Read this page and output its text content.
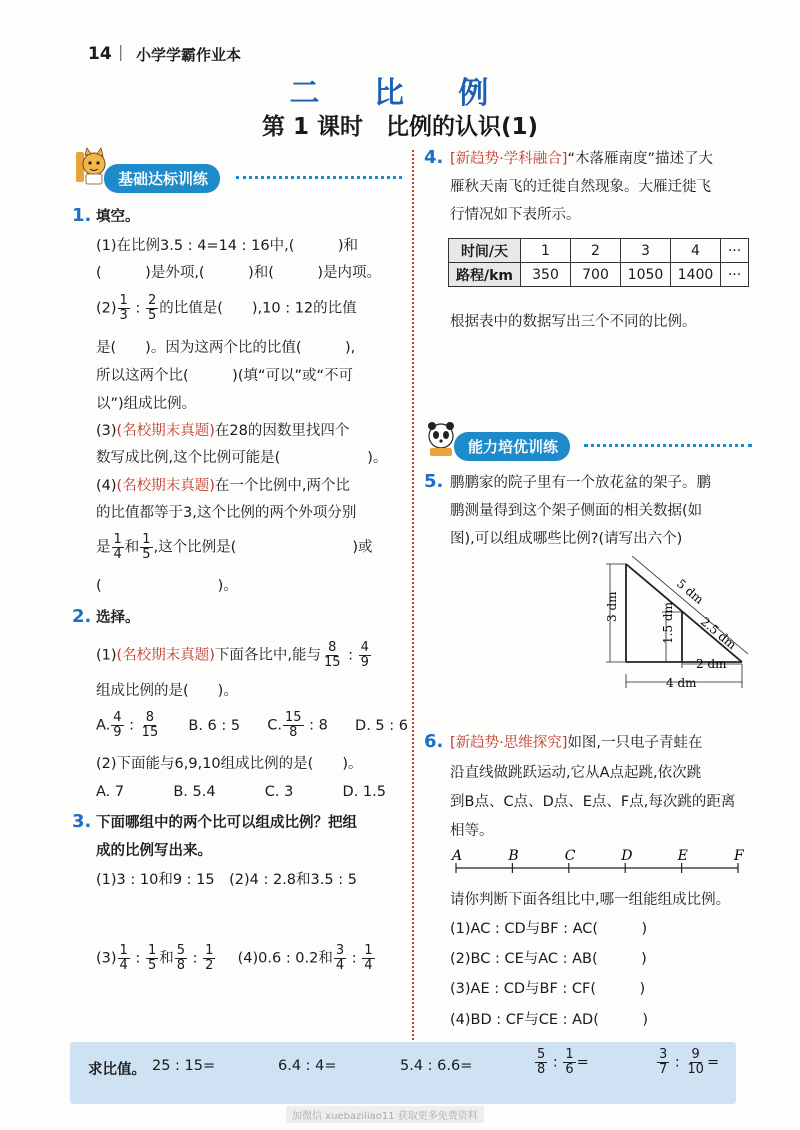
14 | 小学学霸作业本
二 比 例
第 1 课时　比例的认识(1)
基础达标训练
1. 填空。
(1)在比例3.5 : 4=14 : 16中,(　　　)和
(　　　)是外项,(　　　)和(　　　)是内项。
$(2) \frac{1}{3}$ : $\frac{2}{5}$ 的比值是(　　),10 : 12的比值
是(　　)。因为这两个比的比值(　　　),
所以这两个比(　　　)(填“可以”或“不可
以”)组成比例。
(3)(名校期末真题)在28的因数里找四个
数写成比例,这个比例可能是(　　　　　　)。
(4)(名校期末真题)在一个比例中,两个比
的比值都等于3,这个比例的两个外项分别
是 $\frac{1}{4}$ 和 $\frac{1}{5}$ ,这个比例是(　　　　　　　　)或
(　　　　　　　　)。
2. 选择。
(1)(名校期末真题)下面各比中,能与 $\frac{8}{15}$ : $\frac{4}{9}$
组成比例的是(　　)。
A. $\frac{4}{9}$ : $\frac{8}{15} B$. 6 : 5 C. $\frac{15}{8}$ : 8 D. 5 : 6
(2)下面能与6,9,10组成比例的是(　　)。
A. 7	B. 5.4	C. 3	D. 1.5
3. 下面哪组中的两个比可以组成比例？把组
成的比例写出来。
(1)3 : 10和9 : 15　(2)4 : 2.8和3.5 : 5
$(3) \frac{1}{4}$ : $\frac{1}{5}$ 和 $\frac{5}{8}$ : $\frac{1}{2} (4)0.6$ : 0.2和 $\frac{3}{4}$ : $\frac{1}{4}$
4. [新趋势·学科融合]“木落雁南度”描述了大
雁秋天南飞的迁徙自然现象。大雁迁徙飞
行情况如下表所示。
时间/天	1	2	3	4	···
路程/km	350	700	1050	1400	···
根据表中的数据写出三个不同的比例。
能力培优训练
5. 鹏鹏家的院子里有一个放花盆的架子。鹏
鹏测量得到这个架子侧面的相关数据(如
图),可以组成哪些比例?(请写出六个)
3 dm	1.5 dm
5 dm
2.5 dm
2 dm
4 dm
6. [新趋势·思维探究]如图,一只电子青蛙在
沿直线做跳跃运动,它从A点起跳,依次跳
到B点、C点、D点、E点、F点,每次跳的距离
相等。
A	B	C	D	E	F
请你判断下面各组比中,哪一组能组成比例。
(1)AC : CD与BF : AC(　　　)
(2)BC : CE与AC : AB(　　　)
(3)AE : CD与BF : CF(　　　)
(4)BD : CF与CE : AD(　　　)
求比值。 25 : 15=	6.4 : 4=	5.4 : 6.6=	$\frac{5}{8}$ : $\frac{1}{6}$ =	$\frac{3}{7}$ : $\frac{9}{10}$ =
加微信 xuebaziliao11 获取更多免费资料
